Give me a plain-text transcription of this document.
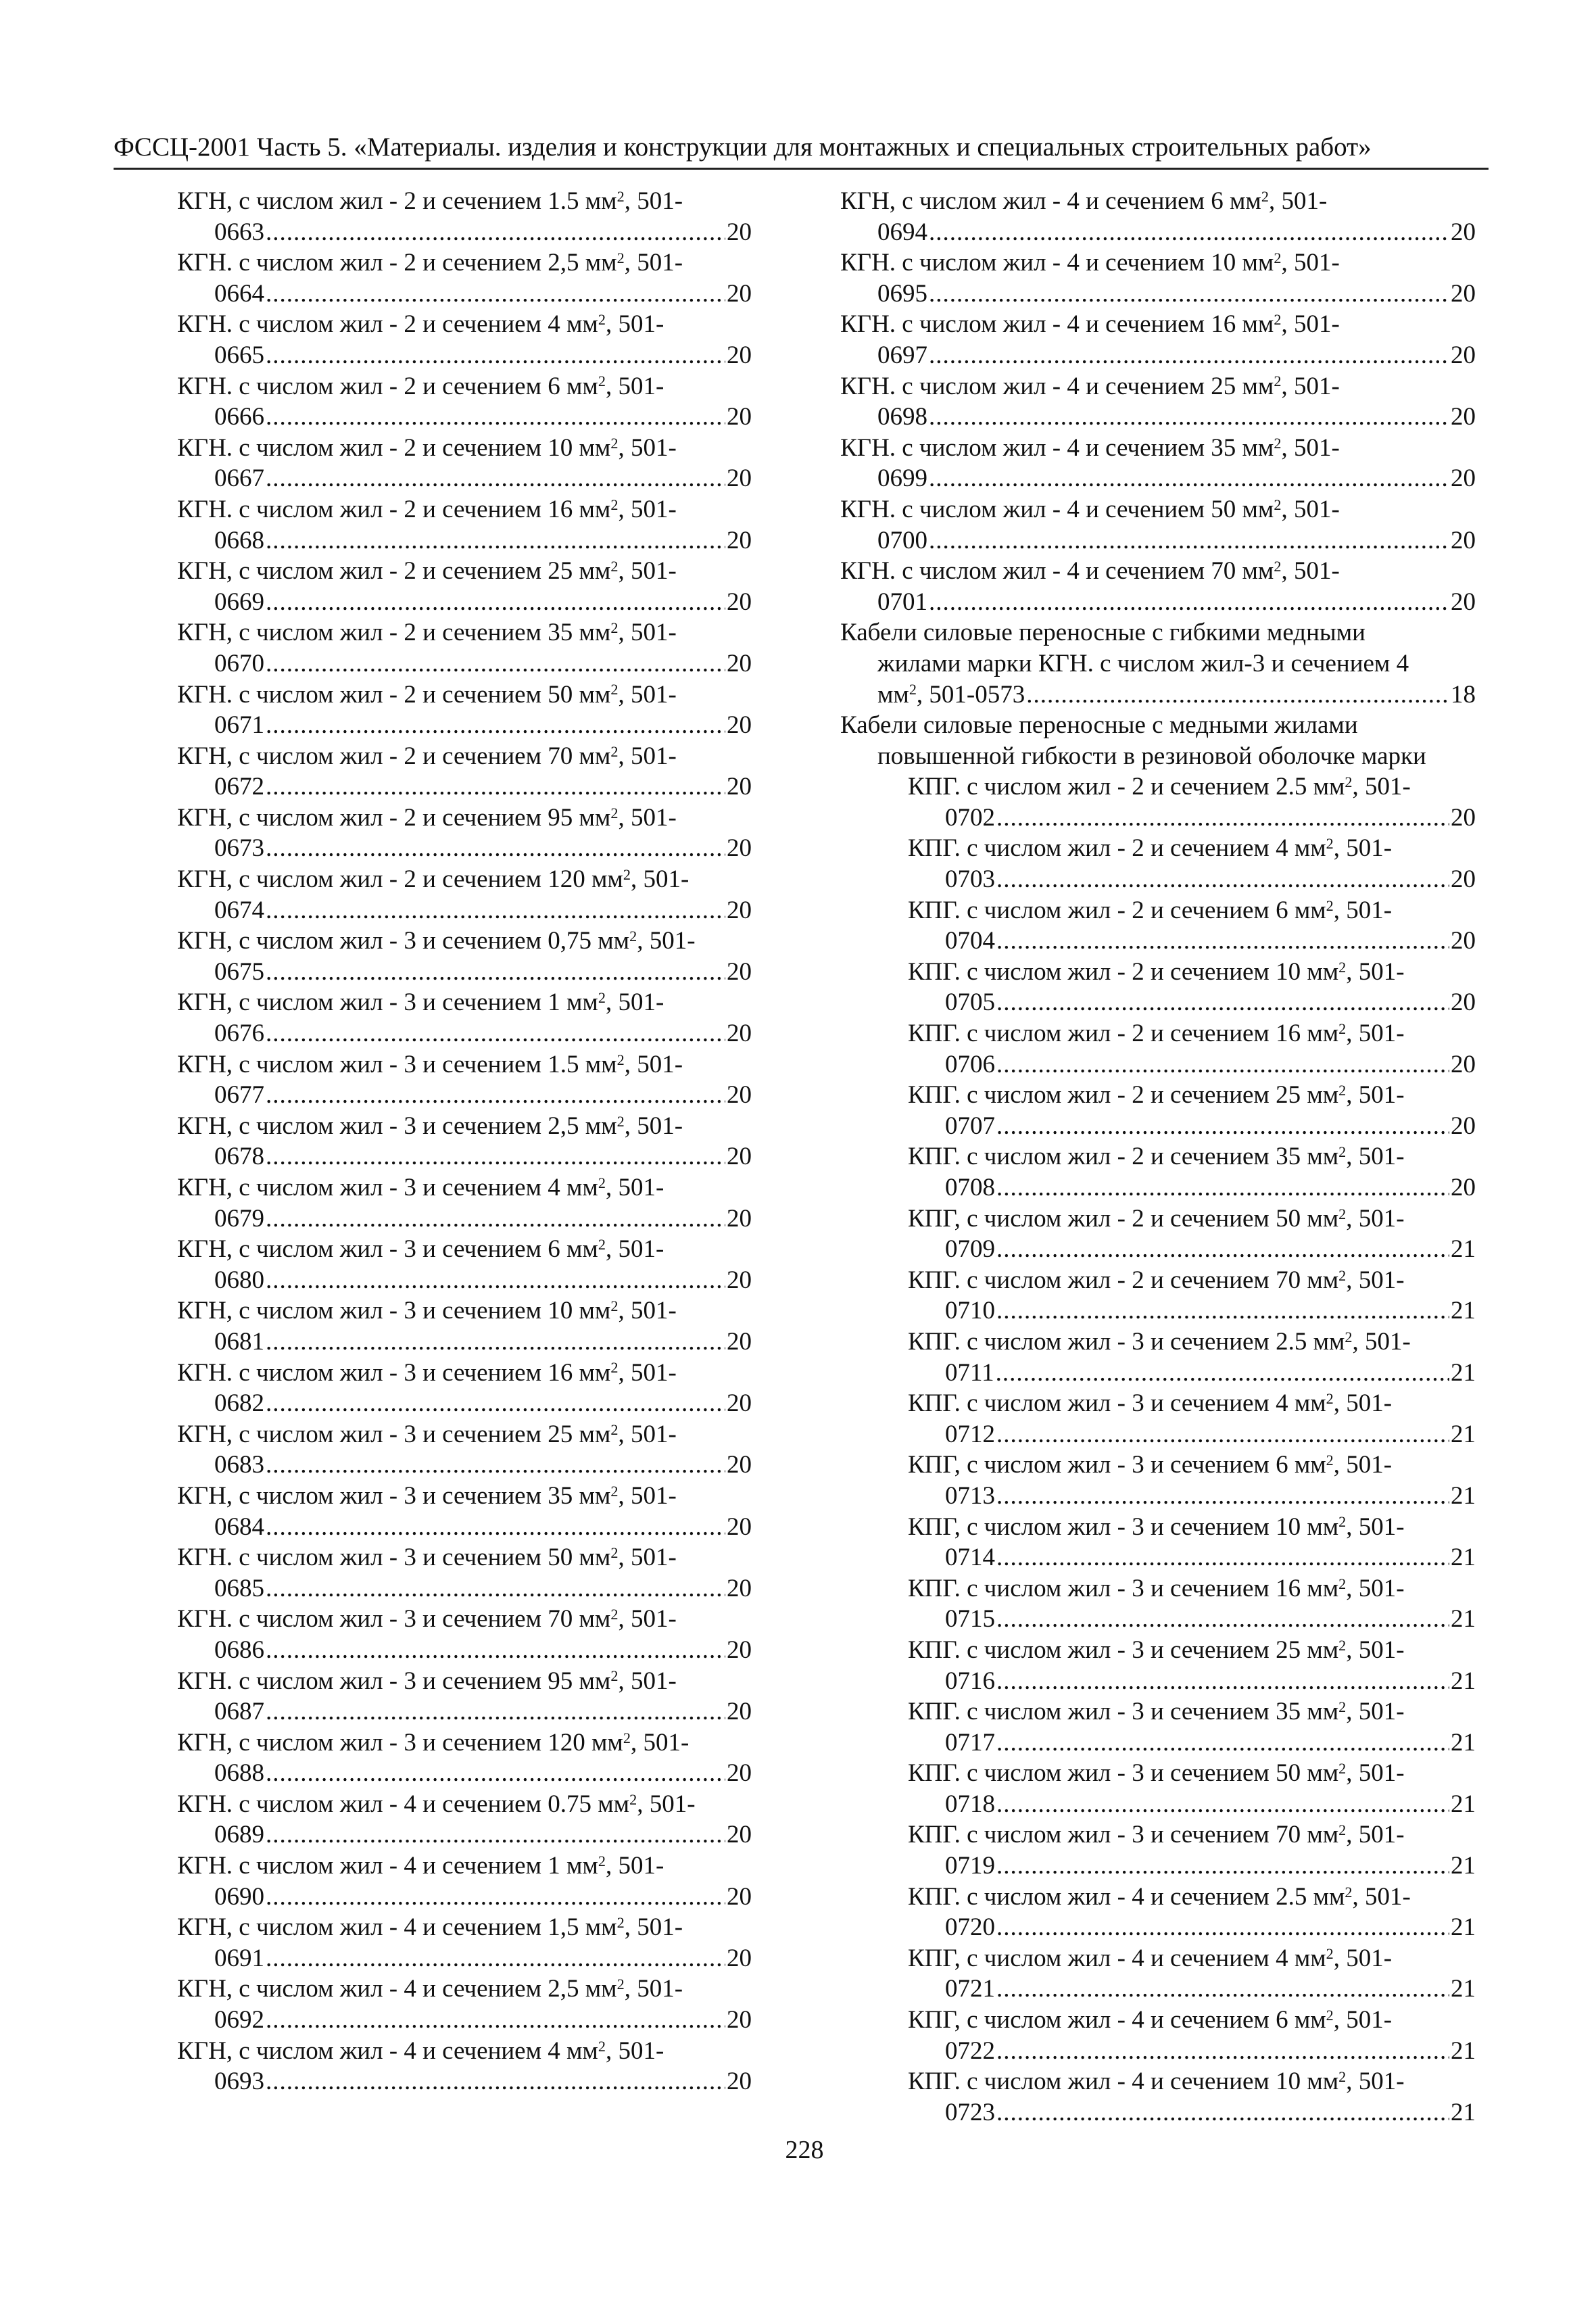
ФССЦ-2001 Часть 5. «Материалы. изделия и конструкции для монтажных и специальных строительных работ»
КГН, с числом жил - 2 и сечением 1.5 $мм^2$, 501-
0663 .....	20
КГН. с числом жил - 2 и сечением 2,5 $мм^2$, 501-
0664 .....	20
КГН. с числом жил - 2 и сечением 4 $мм^2$, 501-
0665 .....	20
КГН. с числом жил - 2 и сечением 6 $мм^2$, 501-
0666 .....	20
КГН. с числом жил - 2 и сечением 10 $мм^2$, 501-
0667 .....	20
КГН. с числом жил - 2 и сечением 16 $мм^2$, 501-
0668 .....	20
КГН, с числом жил - 2 и сечением 25 $мм^2$, 501-
0669 .....	20
КГН, с числом жил - 2 и сечением 35 $мм^2$, 501-
0670 .....	20
КГН. с числом жил - 2 и сечением 50 $мм^2$, 501-
0671 .....	20
КГН, с числом жил - 2 и сечением 70 $мм^2$, 501-
0672 .....	20
КГН, с числом жил - 2 и сечением 95 $мм^2$, 501-
0673 .....	20
КГН, с числом жил - 2 и сечением 120 $мм^2$, 501-
0674 .....	20
КГН, с числом жил - 3 и сечением 0,75 $мм^2$, 501-
0675 .....	20
КГН, с числом жил - 3 и сечением 1 $мм^2$, 501-
0676 .....	20
КГН, с числом жил - 3 и сечением 1.5 $мм^2$, 501-
0677 .....	20
КГН, с числом жил - 3 и сечением 2,5 $мм^2$, 501-
0678 .....	20
КГН, с числом жил - 3 и сечением 4 $мм^2$, 501-
0679 .....	20
КГН, с числом жил - 3 и сечением 6 $мм^2$, 501-
0680 .....	20
КГН, с числом жил - 3 и сечением 10 $мм^2$, 501-
0681 .....	20
КГН. с числом жил - 3 и сечением 16 $мм^2$, 501-
0682 .....	20
КГН, с числом жил - 3 и сечением 25 $мм^2$, 501-
0683 .....	20
КГН, с числом жил - 3 и сечением 35 $мм^2$, 501-
0684 .....	20
КГН. с числом жил - 3 и сечением 50 $мм^2$, 501-
0685 .....	20
КГН. с числом жил - 3 и сечением 70 $мм^2$, 501-
0686 .....	20
КГН. с числом жил - 3 и сечением 95 $мм^2$, 501-
0687 .....	20
КГН, с числом жил - 3 и сечением 120 $мм^2$, 501-
0688 .....	20
КГН. с числом жил - 4 и сечением 0.75 $мм^2$, 501-
0689 .....	20
КГН. с числом жил - 4 и сечением 1 $мм^2$, 501-
0690 .....	20
КГН, с числом жил - 4 и сечением 1,5 $мм^2$, 501-
0691 .....	20
КГН, с числом жил - 4 и сечением 2,5 $мм^2$, 501-
0692 .....	20
КГН, с числом жил - 4 и сечением 4 $мм^2$, 501-
0693 .....	20
КГН, с числом жил - 4 и сечением 6 $мм^2$, 501-
0694 .....	20
КГН. с числом жил - 4 и сечением 10 $мм^2$, 501-
0695 .....	20
КГН. с числом жил - 4 и сечением 16 $мм^2$, 501-
0697 .....	20
КГН. с числом жил - 4 и сечением 25 $мм^2$, 501-
0698 .....	20
КГН. с числом жил - 4 и сечением 35 $мм^2$, 501-
0699 .....	20
КГН. с числом жил - 4 и сечением 50 $мм^2$, 501-
0700 .....	20
КГН. с числом жил - 4 и сечением 70 $мм^2$, 501-
0701 .....	20
Кабели силовые переносные с гибкими медными
жилами марки КГН. с числом жил-3 и сечением 4
$мм^2$, 501-0573 .....	18
Кабели силовые переносные с медными жилами
повышенной гибкости в резиновой оболочке марки
КПГ. с числом жил - 2 и сечением 2.5 $мм^2$, 501-
0702 .....	20
КПГ. с числом жил - 2 и сечением 4 $мм^2$, 501-
0703 .....	20
КПГ. с числом жил - 2 и сечением 6 $мм^2$, 501-
0704 .....	20
КПГ. с числом жил - 2 и сечением 10 $мм^2$, 501-
0705 .....	20
КПГ. с числом жил - 2 и сечением 16 $мм^2$, 501-
0706 .....	20
КПГ. с числом жил - 2 и сечением 25 $мм^2$, 501-
0707 .....	20
КПГ. с числом жил - 2 и сечением 35 $мм^2$, 501-
0708 .....	20
КПГ, с числом жил - 2 и сечением 50 $мм^2$, 501-
0709 .....	21
КПГ. с числом жил - 2 и сечением 70 $мм^2$, 501-
0710 .....	21
КПГ. с числом жил - 3 и сечением 2.5 $мм^2$, 501-
0711 .....	21
КПГ. с числом жил - 3 и сечением 4 $мм^2$, 501-
0712 .....	21
КПГ, с числом жил - 3 и сечением 6 $мм^2$, 501-
0713 .....	21
КПГ, с числом жил - 3 и сечением 10 $мм^2$, 501-
0714 .....	21
КПГ. с числом жил - 3 и сечением 16 $мм^2$, 501-
0715 .....	21
КПГ. с числом жил - 3 и сечением 25 $мм^2$, 501-
0716 .....	21
КПГ. с числом жил - 3 и сечением 35 $мм^2$, 501-
0717 .....	21
КПГ. с числом жил - 3 и сечением 50 $мм^2$, 501-
0718 .....	21
КПГ. с числом жил - 3 и сечением 70 $мм^2$, 501-
0719 .....	21
КПГ. с числом жил - 4 и сечением 2.5 $мм^2$, 501-
0720 .....	21
КПГ, с числом жил - 4 и сечением 4 $мм^2$, 501-
0721 .....	21
КПГ, с числом жил - 4 и сечением 6 $мм^2$, 501-
0722 .....	21
КПГ. с числом жил - 4 и сечением 10 $мм^2$, 501-
0723 .....	21
228
